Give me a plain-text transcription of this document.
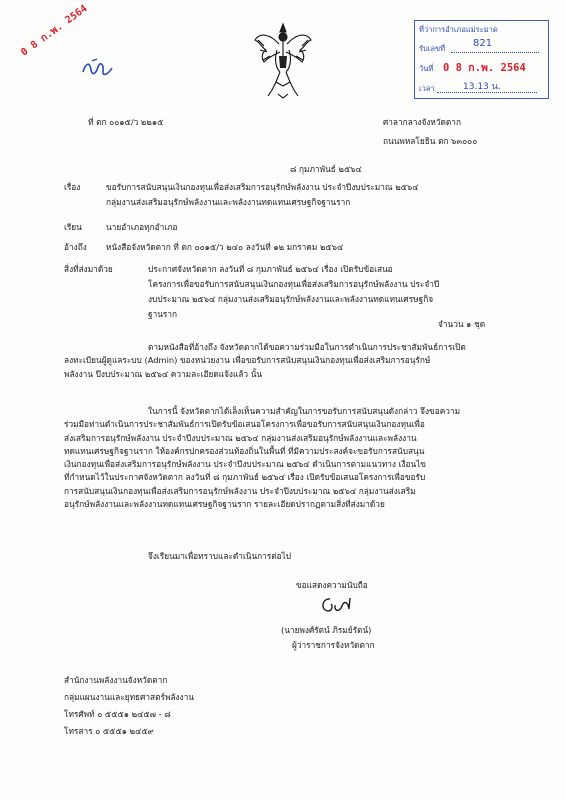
0 8 ก.พ. 2564	ที่ว่าการอำเภอแม่ระมาด
รับเลขที่	821
วันที่ 0 8 ก.พ. 2564
เวลา	13.13 น.
ที่ ตก ๐๐๑๕/ว ๒๒๑๕	ศาลากลางจังหวัดตาก
ถนนพหลโยธิน ตก ๖๓๐๐๐
๘ กุมภาพันธ์ ๒๕๖๔
เรื่อง	ขอรับการสนับสนุนเงินกองทุนเพื่อส่งเสริมการอนุรักษ์พลังงาน ประจำปีงบประมาณ ๒๕๖๔
กลุ่มงานส่งเสริมอนุรักษ์พลังงานและพลังงานทดแทนเศรษฐกิจฐานราก
เรียน	นายอำเภอทุกอำเภอ
อ้างถึง หนังสือจังหวัดตาก ที่ ตก ๐๐๑๕/ว ๒๔๐ ลงวันที่ ๑๒ มกราคม ๒๕๖๔
สิ่งที่ส่งมาด้วย	ประกาศจังหวัดตาก ลงวันที่ ๘ กุมภาพันธ์ ๒๕๖๔ เรื่อง เปิดรับข้อเสนอ
โครงการเพื่อขอรับการสนับสนุนเงินกองทุนเพื่อส่งเสริมการอนุรักษ์พลังงาน ประจำปี
งบประมาณ ๒๕๖๔ กลุ่มงานส่งเสริมอนุรักษ์พลังงานและพลังงานทดแทนเศรษฐกิจ
ฐานราก
จำนวน ๑ ชุด
ตามหนังสือที่อ้างถึง จังหวัดตากได้ขอความร่วมมือในการดำเนินการประชาสัมพันธ์การเปิด
ลงทะเบียนผู้ดูแลระบบ (Admin) ของหน่วยงาน เพื่อขอรับการสนับสนุนเงินกองทุนเพื่อส่งเสริมการอนุรักษ์
พลังงาน ปีงบประมาณ ๒๕๖๔ ความละเอียดแจ้งแล้ว นั้น
ในการนี้ จังหวัดตากได้เล็งเห็นความสำคัญในการขอรับการสนับสนุนดังกล่าว จึงขอความ
ร่วมมือท่านดำเนินการประชาสัมพันธ์การเปิดรับข้อเสนอโครงการเพื่อขอรับการสนับสนุนเงินกองทุนเพื่อ
ส่งเสริมการอนุรักษ์พลังงาน ประจำปีงบประมาณ ๒๕๖๔ กลุ่มงานส่งเสริมอนุรักษ์พลังงานและพลังงาน
ทดแทนเศรษฐกิจฐานราก ให้องค์กรปกครองส่วนท้องถิ่นในพื้นที่ ที่มีความประสงค์จะขอรับการสนับสนุน
เงินกองทุนเพื่อส่งเสริมการอนุรักษ์พลังงาน ประจำปีงบประมาณ ๒๕๖๔ ดำเนินการตามแนวทาง เงื่อนไข
ที่กำหนดไว้ในประกาศจังหวัดตาก ลงวันที่ ๘ กุมภาพันธ์ ๒๕๖๔ เรื่อง เปิดรับข้อเสนอโครงการเพื่อขอรับ
การสนับสนุนเงินกองทุนเพื่อส่งเสริมการอนุรักษ์พลังงาน ประจำปีงบประมาณ ๒๕๖๔ กลุ่มงานส่งเสริม
อนุรักษ์พลังงานและพลังงานทดแทนเศรษฐกิจฐานราก รายละเอียดปรากฏตามสิ่งที่ส่งมาด้วย
จึงเรียนมาเพื่อทราบและดำเนินการต่อไป
ขอแสดงความนับถือ
(นายพงศ์รัตน์ ภิรมย์รัตน์)
ผู้ว่าราชการจังหวัดตาก
สำนักงานพลังงานจังหวัดตาก
กลุ่มแผนงานและยุทธศาสตร์พลังงาน
โทรศัพท์ ๐ ๕๕๕๑ ๒๔๕๗ - ๘
โทรสาร ๐ ๕๕๕๑ ๒๔๕๙
